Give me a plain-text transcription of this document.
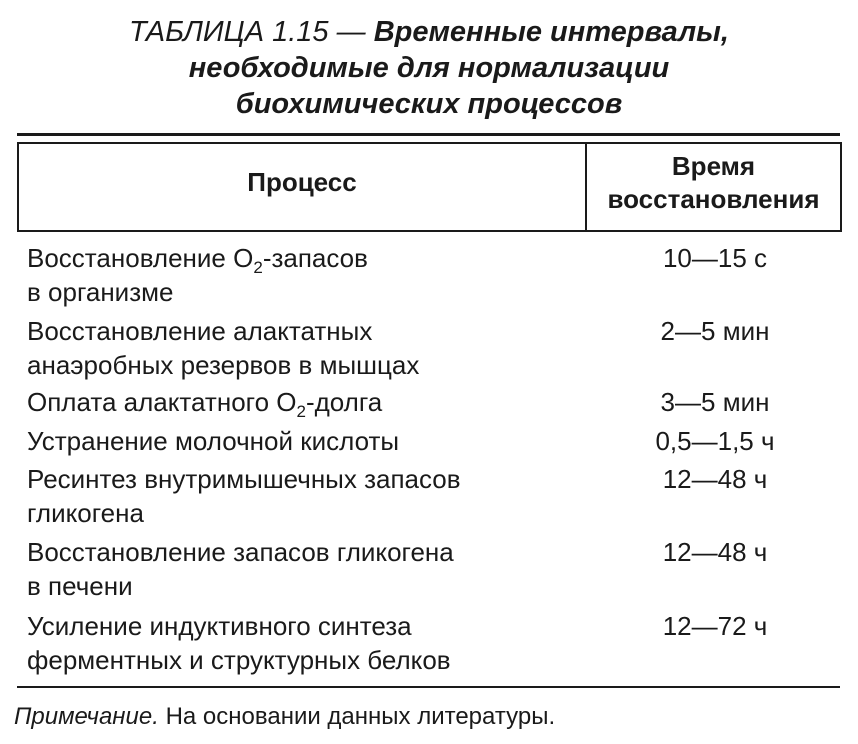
ТАБЛИЦА 1.15 — Временные интервалы,
необходимые для нормализации
биохимических процессов
Процесс
Время
восстановления
Восстановление $О_2$-запасов
в организме
10—15 с
Восстановление алактатных
анаэробных резервов в мышцах
2—5 мин
Оплата алактатного $О_2$-долга	3—5 мин
Устранение молочной кислоты	0,5—1,5 ч
Ресинтез внутримышечных запасов
гликогена
12—48 ч
Восстановление запасов гликогена
в печени
12—48 ч
Усиление индуктивного синтеза
ферментных и структурных белков
12—72 ч
Примечание. На основании данных литературы.
